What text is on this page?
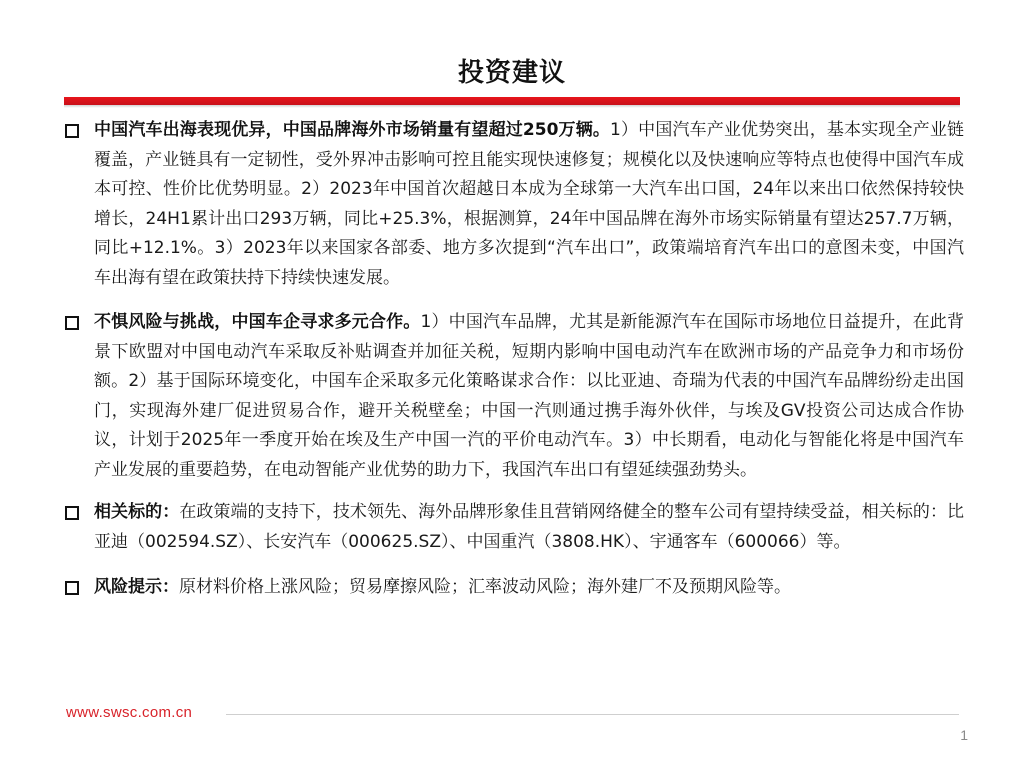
投资建议
中国汽车出海表现优异，中国品牌海外市场销量有望超过250万辆。1）中国汽车产业优势突出，基本实现全产业链覆盖，产业链具有一定韧性，受外界冲击影响可控且能实现快速修复；规模化以及快速响应等特点也使得中国汽车成本可控、性价比优势明显。2）2023年中国首次超越日本成为全球第一大汽车出口国，24年以来出口依然保持较快增长，24H1累计出口293万辆，同比+25.3%，根据测算，24年中国品牌在海外市场实际销量有望达257.7万辆，同比+12.1%。3）2023年以来国家各部委、地方多次提到“汽车出口”，政策端培育汽车出口的意图未变，中国汽车出海有望在政策扶持下持续快速发展。
不惧风险与挑战，中国车企寻求多元合作。1）中国汽车品牌，尤其是新能源汽车在国际市场地位日益提升，在此背景下欧盟对中国电动汽车采取反补贴调查并加征关税，短期内影响中国电动汽车在欧洲市场的产品竞争力和市场份额。2）基于国际环境变化，中国车企采取多元化策略谋求合作：以比亚迪、奇瑞为代表的中国汽车品牌纷纷走出国门，实现海外建厂促进贸易合作，避开关税壁垒；中国一汽则通过携手海外伙伴，与埃及GV投资公司达成合作协议，计划于2025年一季度开始在埃及生产中国一汽的平价电动汽车。3）中长期看，电动化与智能化将是中国汽车产业发展的重要趋势，在电动智能产业优势的助力下，我国汽车出口有望延续强劲势头。
相关标的：在政策端的支持下，技术领先、海外品牌形象佳且营销网络健全的整车公司有望持续受益，相关标的：比亚迪（002594.SZ）、长安汽车（000625.SZ）、中国重汽（3808.HK）、宇通客车（600066）等。
风险提示：原材料价格上涨风险；贸易摩擦风险；汇率波动风险；海外建厂不及预期风险等。
www.swsc.com.cn
1
